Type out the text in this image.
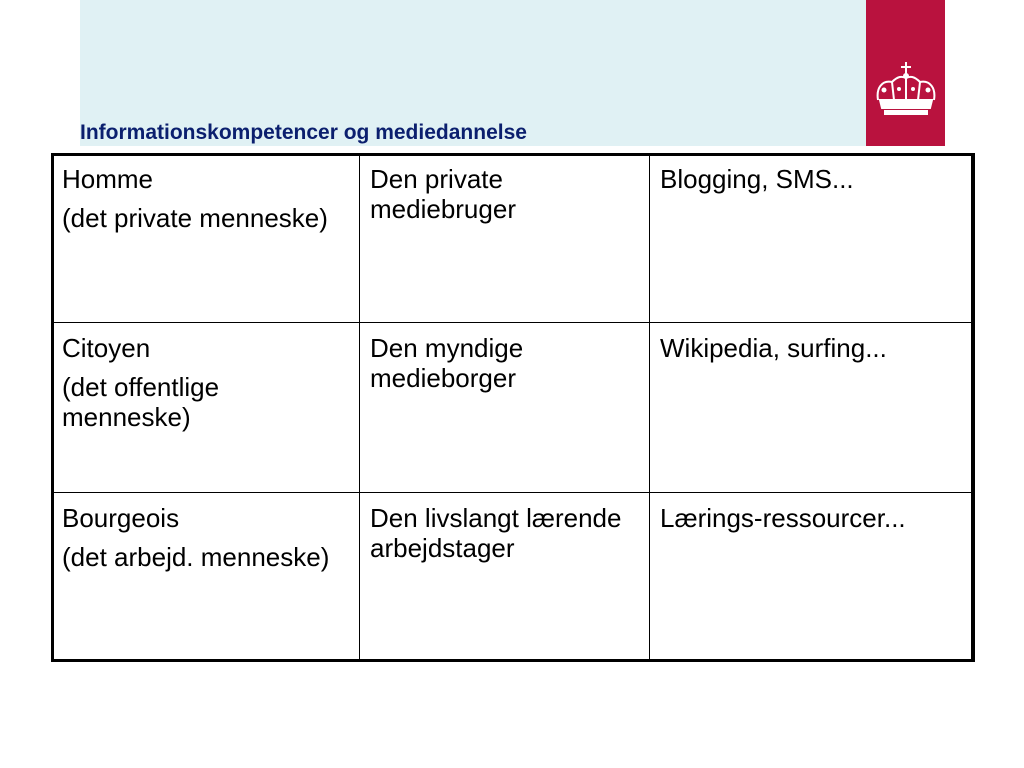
Informationskompetencer og mediedannelse
Homme
(det private menneske)	Den private mediebruger	Blogging, SMS...

Citoyen
(det offentlige menneske)	Den myndige medieborger	Wikipedia, surfing...

Bourgeois
(det arbejd. menneske)	Den livslangt lærende arbejdstager	Lærings-ressourcer...
